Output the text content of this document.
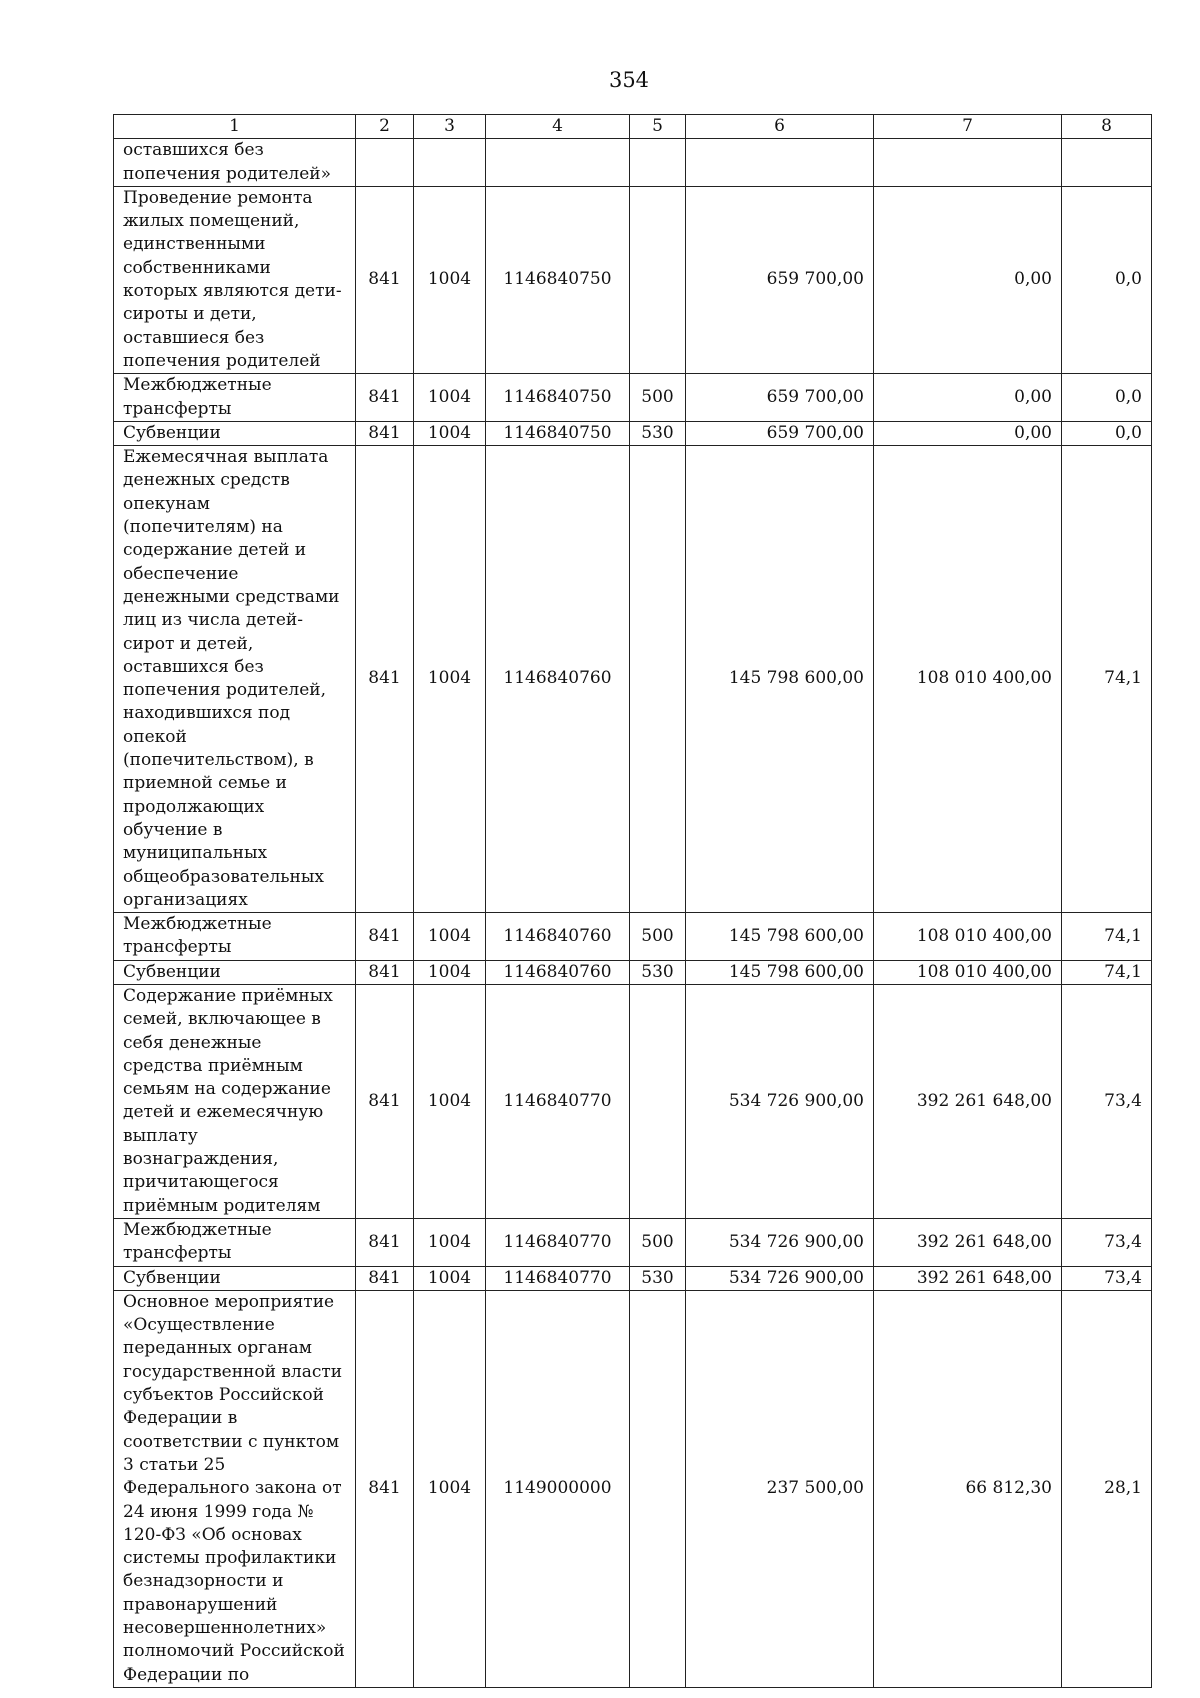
354
1	2	3	4	5	6	7	8
оставшихся без попечения родителей»							
Проведение ремонта жилых помещений, единственными собственниками которых являются дети-сироты и дети, оставшиеся без попечения родителей	841	1004	1146840750		659 700,00	0,00	0,0
Межбюджетные трансферты	841	1004	1146840750	500	659 700,00	0,00	0,0
Субвенции	841	1004	1146840750	530	659 700,00	0,00	0,0
Ежемесячная выплата денежных средств опекунам (попечителям) на содержание детей и обеспечение денежными средствами лиц из числа детей-сирот и детей, оставшихся без попечения родителей, находившихся под опекой (попечительством), в приемной семье и продолжающих обучение в муниципальных общеобразовательных организациях	841	1004	1146840760		145 798 600,00	108 010 400,00	74,1
Межбюджетные трансферты	841	1004	1146840760	500	145 798 600,00	108 010 400,00	74,1
Субвенции	841	1004	1146840760	530	145 798 600,00	108 010 400,00	74,1
Содержание приёмных семей, включающее в себя денежные средства приёмным семьям на содержание детей и ежемесячную выплату вознаграждения, причитающегося приёмным родителям	841	1004	1146840770		534 726 900,00	392 261 648,00	73,4
Межбюджетные трансферты	841	1004	1146840770	500	534 726 900,00	392 261 648,00	73,4
Субвенции	841	1004	1146840770	530	534 726 900,00	392 261 648,00	73,4
Основное мероприятие «Осуществление переданных органам государственной власти субъектов Российской Федерации в соответствии с пунктом 3 статьи 25 Федерального закона от 24 июня 1999 года № 120-ФЗ «Об основах системы профилактики безнадзорности и правонарушений несовершеннолетних» полномочий Российской Федерации по	841	1004	1149000000		237 500,00	66 812,30	28,1
